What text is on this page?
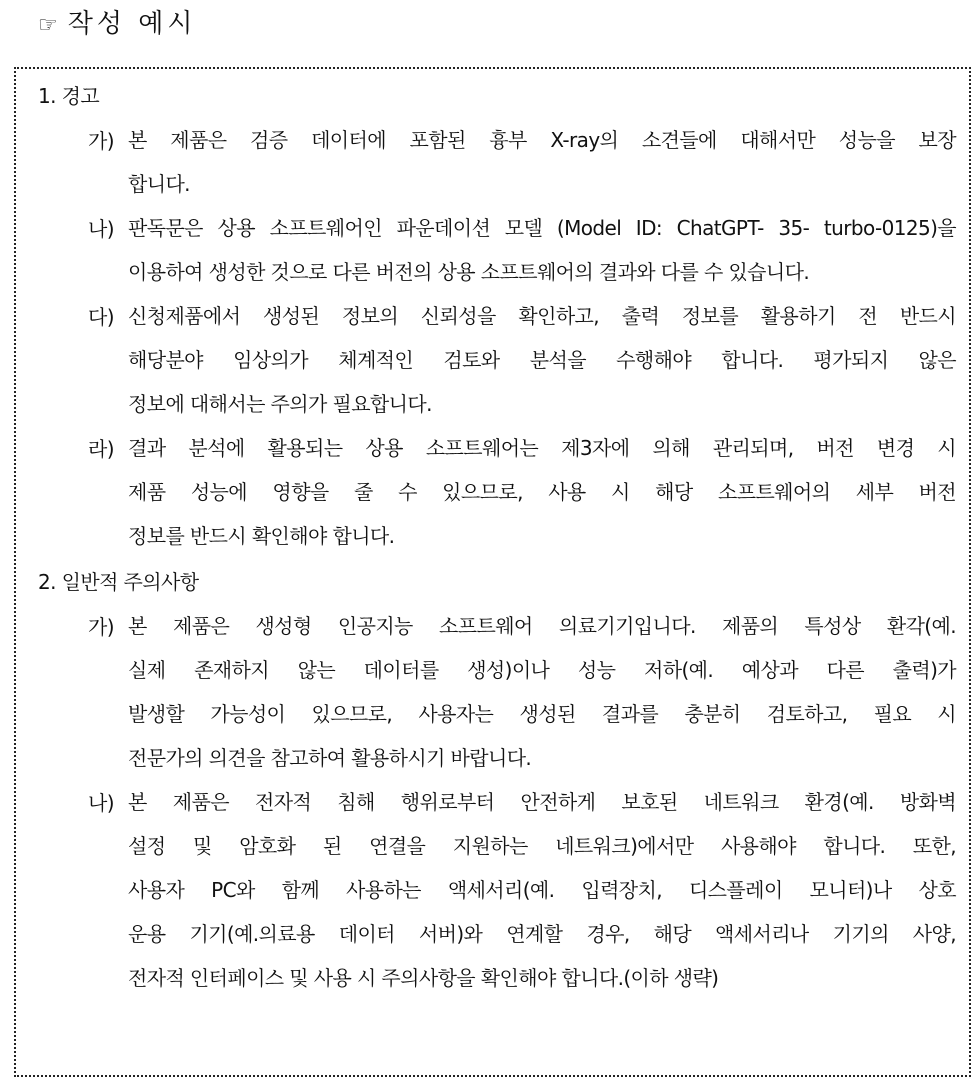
☞ 작성 예시
1. 경고
가) 본 제품은 검증 데이터에 포함된 흉부 X-ray의 소견들에 대해서만 성능을 보장
합니다.
나) 판독문은 상용 소프트웨어인 파운데이션 모델 (Model ID: ChatGPT- 35- turbo-0125)을
이용하여 생성한 것으로 다른 버전의 상용 소프트웨어의 결과와 다를 수 있습니다.
다) 신청제품에서 생성된 정보의 신뢰성을 확인하고, 출력 정보를 활용하기 전 반드시
해당분야 임상의가 체계적인 검토와 분석을 수행해야 합니다. 평가되지 않은
정보에 대해서는 주의가 필요합니다.
라) 결과 분석에 활용되는 상용 소프트웨어는 제3자에 의해 관리되며, 버전 변경 시
제품 성능에 영향을 줄 수 있으므로, 사용 시 해당 소프트웨어의 세부 버전
정보를 반드시 확인해야 합니다.
2. 일반적 주의사항
가) 본 제품은 생성형 인공지능 소프트웨어 의료기기입니다. 제품의 특성상 환각(예.
실제 존재하지 않는 데이터를 생성)이나 성능 저하(예. 예상과 다른 출력)가
발생할 가능성이 있으므로, 사용자는 생성된 결과를 충분히 검토하고, 필요 시
전문가의 의견을 참고하여 활용하시기 바랍니다.
나) 본 제품은 전자적 침해 행위로부터 안전하게 보호된 네트워크 환경(예. 방화벽
설정 및 암호화 된 연결을 지원하는 네트워크)에서만 사용해야 합니다. 또한,
사용자 PC와 함께 사용하는 액세서리(예. 입력장치, 디스플레이 모니터)나 상호
운용 기기(예.의료용 데이터 서버)와 연계할 경우, 해당 액세서리나 기기의 사양,
전자적 인터페이스 및 사용 시 주의사항을 확인해야 합니다.(이하 생략)
